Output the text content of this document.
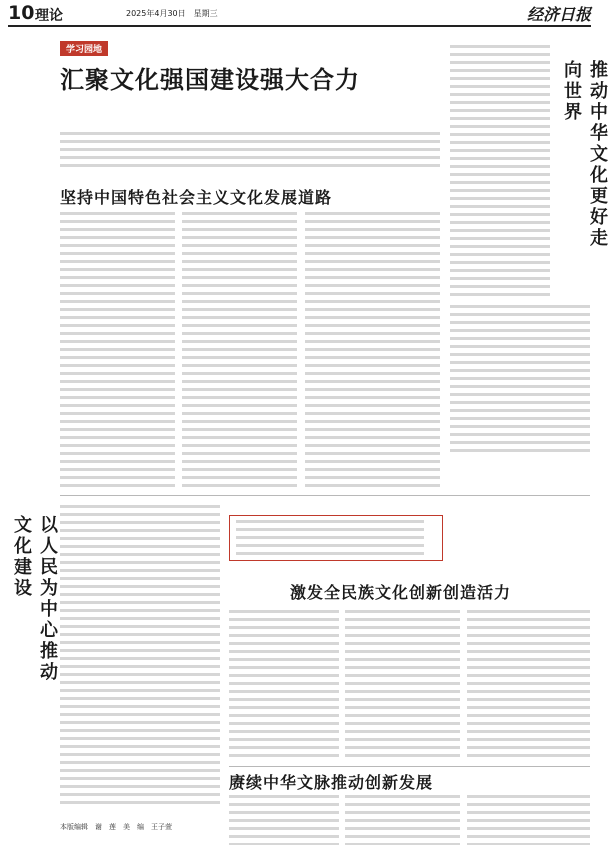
10 理论	2025年4月30日　星期三	经济日报
学习园地
汇聚文化强国建设强大合力	推动中华文化更好走向世界
坚持中国特色社会主义文化发展道路
以人民为中心推动文化建设	激发全民族文化创新创造活力
赓续中华文脉推动创新发展
本版编辑　谢　莲　美　编　王子萱
